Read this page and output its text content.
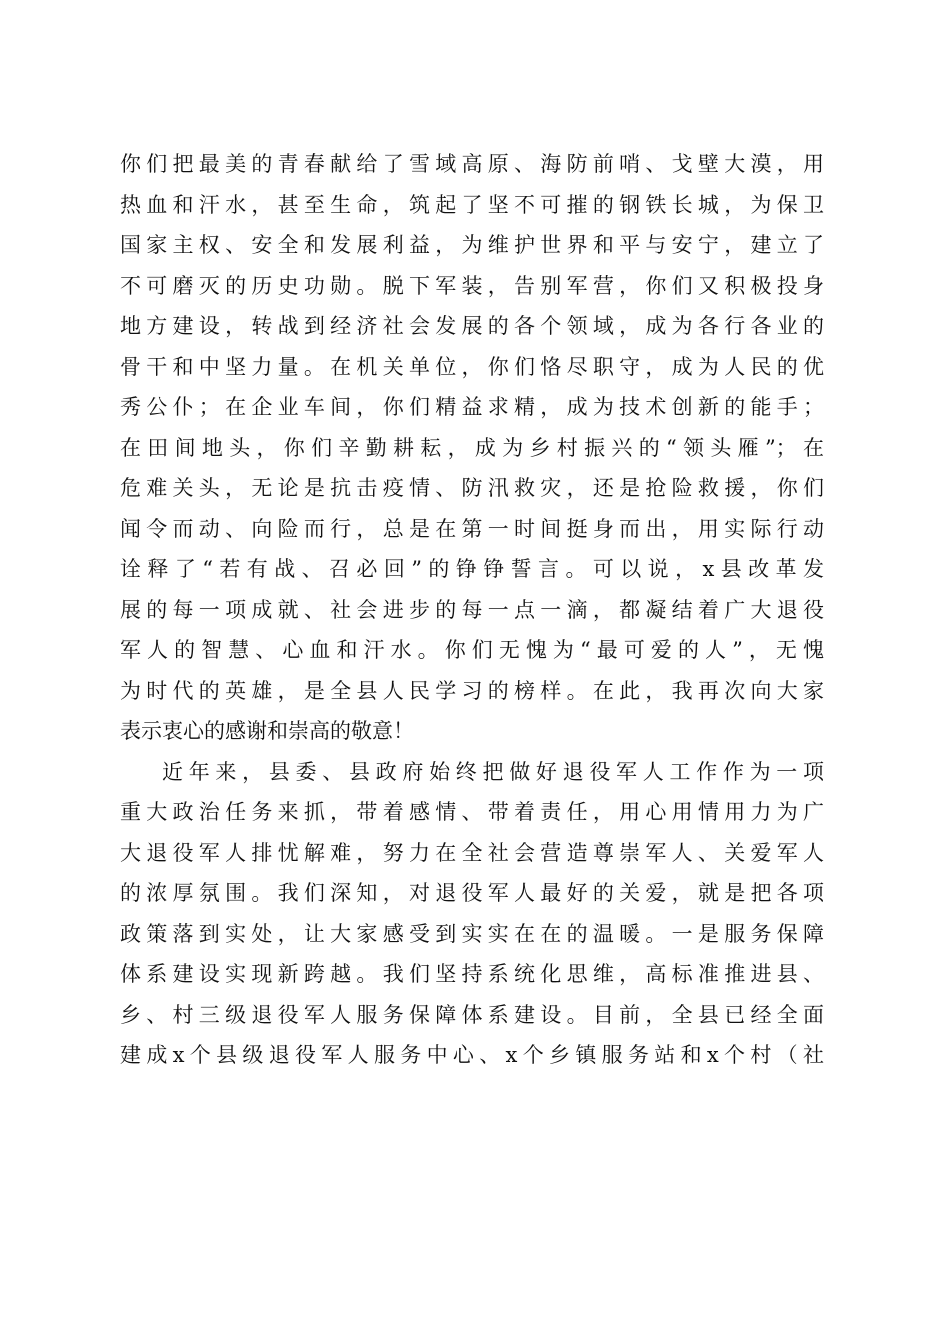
你们把最美的青春献给了雪域高原、海防前哨、戈壁大漠，用
热血和汗水，甚至生命，筑起了坚不可摧的钢铁长城，为保卫
国家主权、安全和发展利益，为维护世界和平与安宁，建立了
不可磨灭的历史功勋。脱下军装，告别军营，你们又积极投身
地方建设，转战到经济社会发展的各个领域，成为各行各业的
骨干和中坚力量。在机关单位，你们恪尽职守，成为人民的优
秀公仆；在企业车间，你们精益求精，成为技术创新的能手；
在田间地头，你们辛勤耕耘，成为乡村振兴的“领头雁”；在
危难关头，无论是抗击疫情、防汛救灾，还是抢险救援，你们
闻令而动、向险而行，总是在第一时间挺身而出，用实际行动
诠释了“若有战、召必回”的铮铮誓言。可以说，x县改革发
展的每一项成就、社会进步的每一点一滴，都凝结着广大退役
军人的智慧、心血和汗水。你们无愧为“最可爱的人”，无愧
为时代的英雄，是全县人民学习的榜样。在此，我再次向大家
表示衷心的感谢和崇高的敬意！
近年来，县委、县政府始终把做好退役军人工作作为一项
重大政治任务来抓，带着感情、带着责任，用心用情用力为广
大退役军人排忧解难，努力在全社会营造尊崇军人、关爱军人
的浓厚氛围。我们深知，对退役军人最好的关爱，就是把各项
政策落到实处，让大家感受到实实在在的温暖。一是服务保障
体系建设实现新跨越。我们坚持系统化思维，高标准推进县、
乡、村三级退役军人服务保障体系建设。目前，全县已经全面
建成x个县级退役军人服务中心、x个乡镇服务站和x个村（社
